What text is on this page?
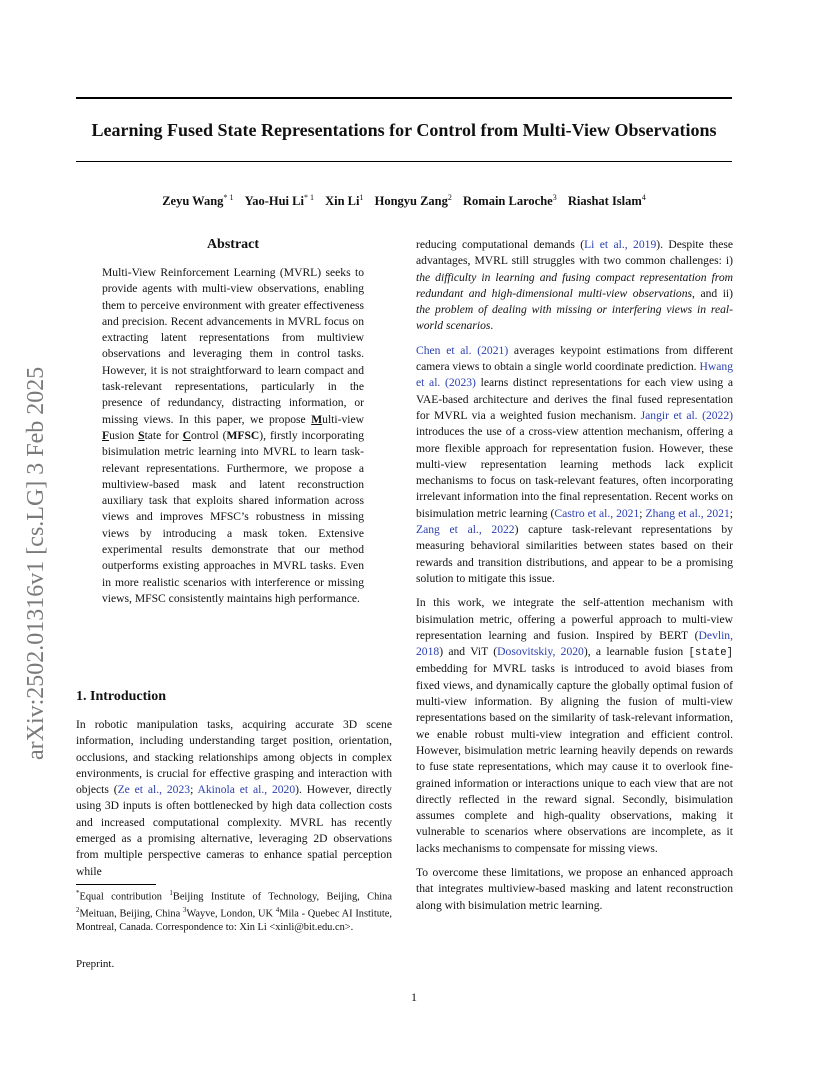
Learning Fused State Representations for Control from Multi-View Observations
Zeyu Wang$^{* 1}$ Yao-Hui Li$^{* 1}$ Xin Li$^1$ Hongyu Zang$^2$ Romain Laroche$^3$ Riashat Islam$^4$
arXiv:2502.01316v1 [cs.LG] 3 Feb 2025

Abstract

Multi-View Reinforcement Learning (MVRL) seeks to provide agents with multi-view observations, enabling them to perceive environment with greater effectiveness and precision. Recent advancements in MVRL focus on extracting latent representations from multiview observations and leveraging them in control tasks. However, it is not straightforward to learn compact and task-relevant representations, particularly in the presence of redundancy, distracting information, or missing views. In this paper, we propose Multi-view Fusion State for Control (MFSC), firstly incorporating bisimulation metric learning into MVRL to learn task-relevant representations. Furthermore, we propose a multiview-based mask and latent reconstruction auxiliary task that exploits shared information across views and improves MFSC’s robustness in missing views by introducing a mask token. Extensive experimental results demonstrate that our method outperforms existing approaches in MVRL tasks. Even in more realistic scenarios with interference or missing views, MFSC consistently maintains high performance.

1. Introduction

In robotic manipulation tasks, acquiring accurate 3D scene information, including understanding target position, orientation, occlusions, and stacking relationships among objects in complex environments, is crucial for effective grasping and interaction with objects (Ze et al., 2023; Akinola et al., 2020). However, directly using 3D inputs is often bottlenecked by high data collection costs and increased computational complexity. MVRL has recently emerged as a promising alternative, leveraging 2D observations from multiple perspective cameras to enhance spatial perception while

reducing computational demands (Li et al., 2019). Despite these advantages, MVRL still struggles with two common challenges: i) the difficulty in learning and fusing compact representation from redundant and high-dimensional multi-view observations, and ii) the problem of dealing with missing or interfering views in real-world scenarios.

Chen et al. (2021) averages keypoint estimations from different camera views to obtain a single world coordinate prediction. Hwang et al. (2023) learns distinct representations for each view using a VAE-based architecture and derives the final fused representation for MVRL via a weighted fusion mechanism. Jangir et al. (2022) introduces the use of a cross-view attention mechanism, offering a more flexible approach for representation fusion. However, these multi-view representation learning methods lack explicit mechanisms to focus on task-relevant features, often incorporating irrelevant information into the final representation. Recent works on bisimulation metric learning (Castro et al., 2021; Zhang et al., 2021; Zang et al., 2022) capture task-relevant representations by measuring behavioral similarities between states based on their rewards and transition distributions, and appear to be a promising solution to mitigate this issue.

In this work, we integrate the self-attention mechanism with bisimulation metric, offering a powerful approach to multi-view representation learning and fusion. Inspired by BERT (Devlin, 2018) and ViT (Dosovitskiy, 2020), a learnable fusion [state] embedding for MVRL tasks is introduced to avoid biases from fixed views, and dynamically capture the globally optimal fusion of multi-view information. By aligning the fusion of multi-view representations based on the similarity of task-relevant information, we enable robust multi-view integration and efficient control. However, bisimulation metric learning heavily depends on rewards to fuse state representations, which may cause it to overlook fine-grained information or interactions unique to each view that are not directly reflected in the reward signal. Secondly, bisimulation assumes complete and high-quality observations, making it vulnerable to scenarios where observations are incomplete, as it lacks mechanisms to compensate for missing views.

To overcome these limitations, we propose an enhanced approach that integrates multiview-based masking and latent reconstruction along with bisimulation metric learning.

*Equal contribution $^1$Beijing Institute of Technology, Beijing, China $^2$Meituan, Beijing, China $^3$Wayve, London, UK $^4$Mila - Quebec AI Institute, Montreal, Canada. Correspondence to: Xin Li <xinli@bit.edu.cn>.

Preprint.
1
